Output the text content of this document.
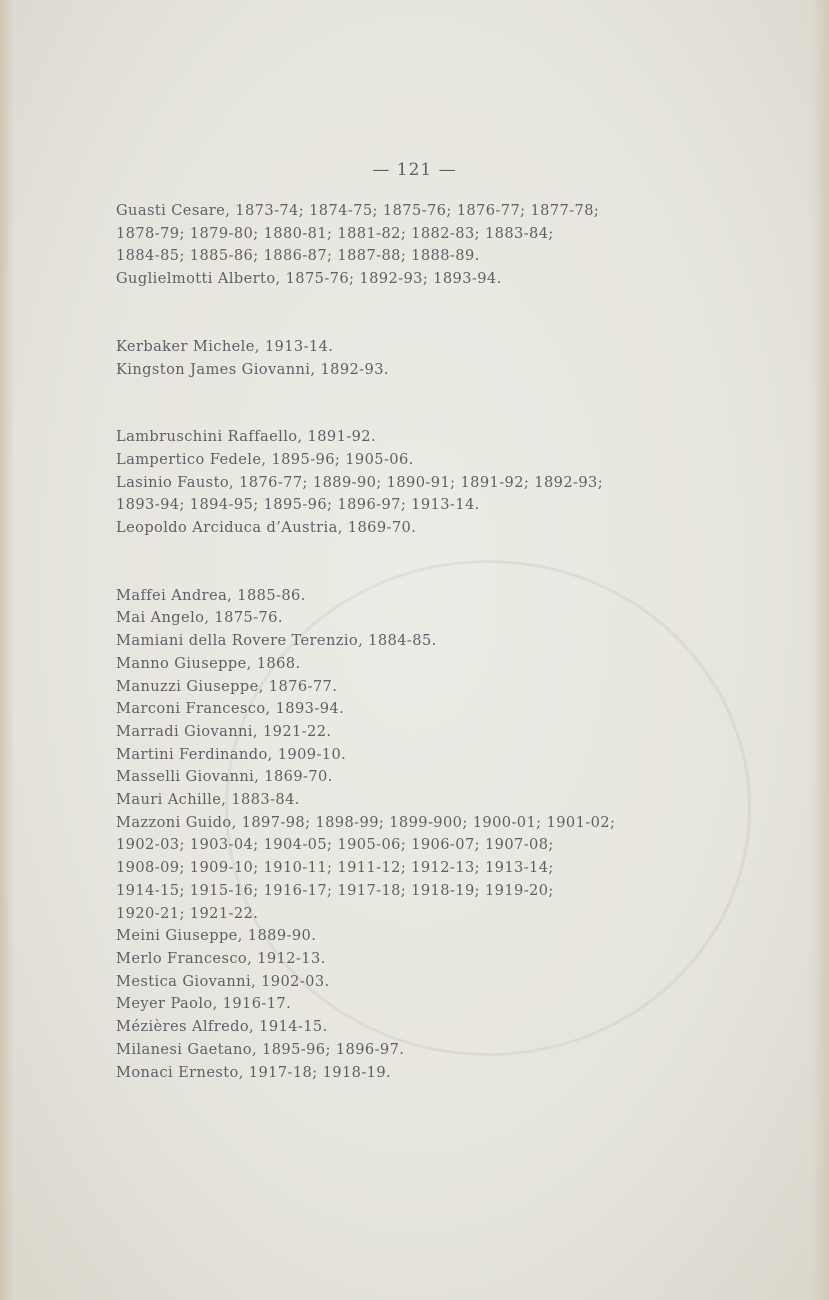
— 121 —
Guasti Cesare, 1873-74; 1874-75; 1875-76; 1876-77; 1877-78;
1878-79; 1879-80; 1880-81; 1881-82; 1882-83; 1883-84;
1884-85; 1885-86; 1886-87; 1887-88; 1888-89.
Guglielmotti Alberto, 1875-76; 1892-93; 1893-94.
Kerbaker Michele, 1913-14.
Kingston James Giovanni, 1892-93.
Lambruschini Raffaello, 1891-92.
Lampertico Fedele, 1895-96; 1905-06.
Lasinio Fausto, 1876-77; 1889-90; 1890-91; 1891-92; 1892-93;
1893-94; 1894-95; 1895-96; 1896-97; 1913-14.
Leopoldo Arciduca d’Austria, 1869-70.
Maffei Andrea, 1885-86.
Mai Angelo, 1875-76.
Mamiani della Rovere Terenzio, 1884-85.
Manno Giuseppe, 1868.
Manuzzi Giuseppe, 1876-77.
Marconi Francesco, 1893-94.
Marradi Giovanni, 1921-22.
Martini Ferdinando, 1909-10.
Masselli Giovanni, 1869-70.
Mauri Achille, 1883-84.
Mazzoni Guido, 1897-98; 1898-99; 1899-900; 1900-01; 1901-02;
1902-03; 1903-04; 1904-05; 1905-06; 1906-07; 1907-08;
1908-09; 1909-10; 1910-11; 1911-12; 1912-13; 1913-14;
1914-15; 1915-16; 1916-17; 1917-18; 1918-19; 1919-20;
1920-21; 1921-22.
Meini Giuseppe, 1889-90.
Merlo Francesco, 1912-13.
Mestica Giovanni, 1902-03.
Meyer Paolo, 1916-17.
Mézières Alfredo, 1914-15.
Milanesi Gaetano, 1895-96; 1896-97.
Monaci Ernesto, 1917-18; 1918-19.
